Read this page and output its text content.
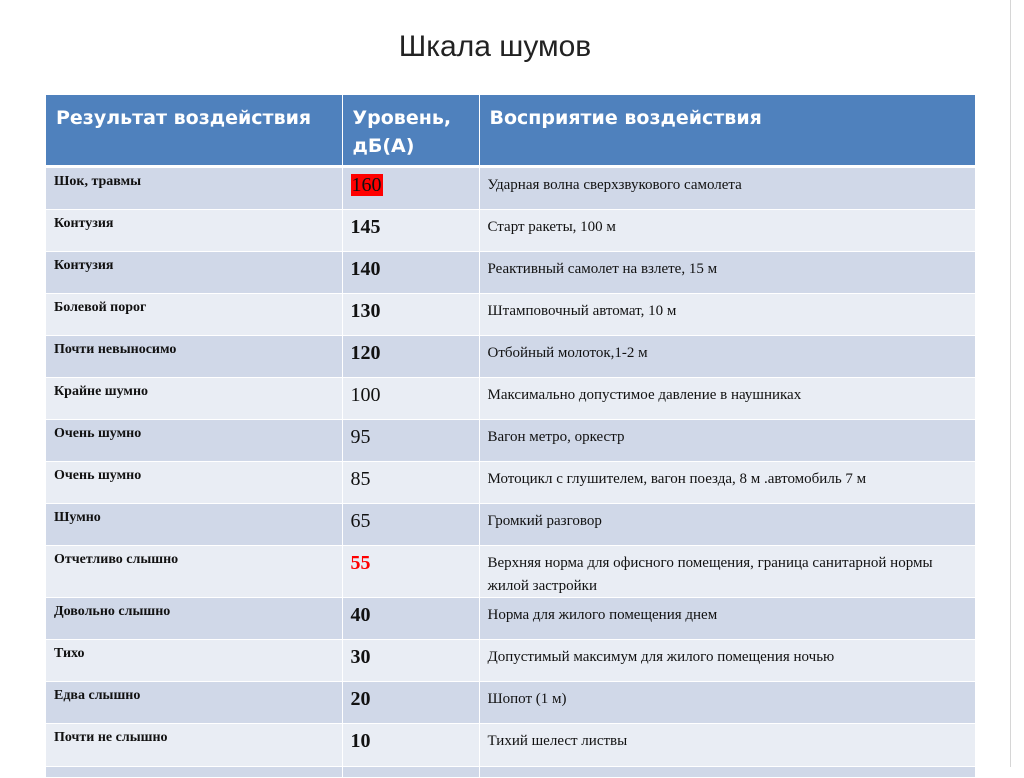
Шкала шумов
Результат воздействия	Уровень, дБ(А)	Восприятие воздействия
Шок, травмы	160	Ударная волна сверхзвукового самолета
Контузия	145	Старт ракеты, 100 м
Контузия	140	Реактивный самолет на взлете, 15 м
Болевой порог	130	Штамповочный автомат, 10 м
Почти невыносимо	120	Отбойный молоток,1-2 м
Крайне шумно	100	Максимально допустимое давление в наушниках
Очень шумно	95	Вагон метро, оркестр
Очень шумно	85	Мотоцикл с глушителем, вагон поезда, 8 м .автомобиль 7 м
Шумно	65	Громкий разговор
Отчетливо слышно	55	Верхняя норма для офисного помещения, граница санитарной нормы жилой застройки
Довольно слышно	40	Норма для жилого помещения днем
Тихо	30	Допустимый максимум для жилого помещения ночью
Едва слышно	20	Шопот (1 м)
Почти не слышно	10	Тихий шелест листвы
